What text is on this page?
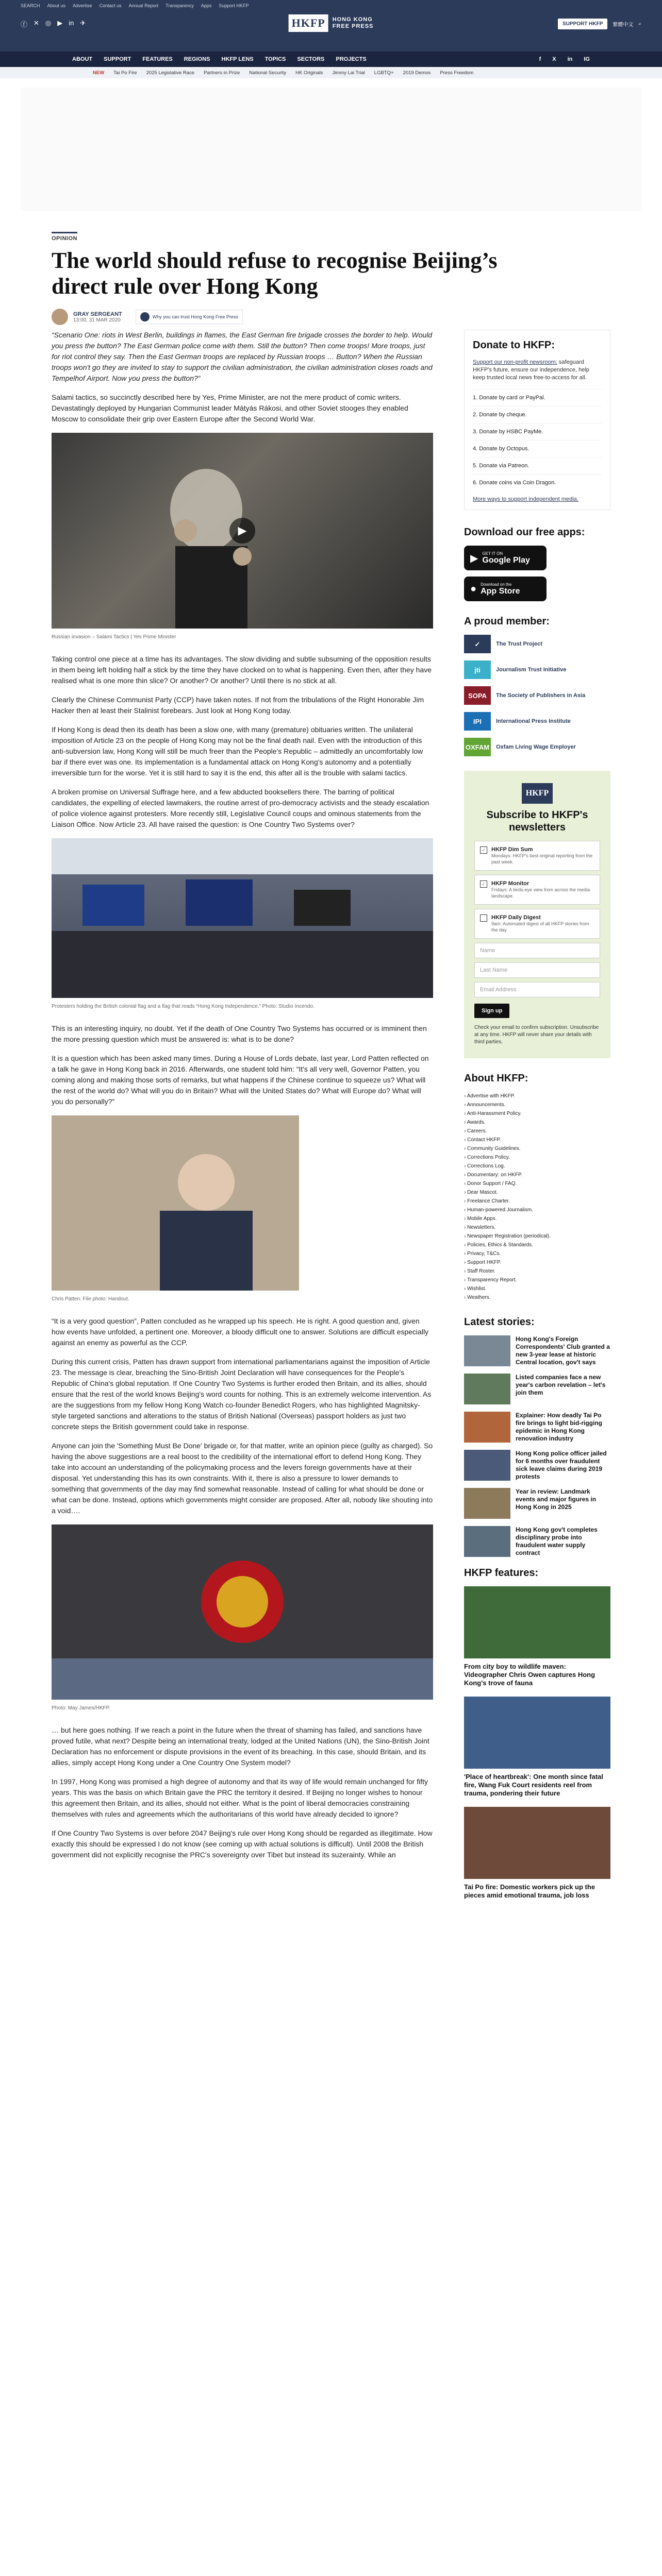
SEARCH About us Advertise Contact us Annual Report Transparency Apps Support HKFP
ⓕ ✕ ◎ ▶ in ✈	HKFP	HONG KONG
FREE PRESS	SUPPORT HKFP	繁體中文 ⌕
ABOUT SUPPORT FEATURES REGIONS HKFP LENS TOPICS SECTORS PROJECTS	f X in IG
NEW Tai Po Fire 2025 Legislative Race Partners in Prize National Security HK Originals Jimmy Lai Trial LGBTQ+ 2019 Demos Press Freedom
OPINION
The world should refuse to recognise Beijing’s direct rule over Hong Kong
GRAY SERGEANT
13:00, 31 MAR 2020
Why you can trust Hong Kong Free Press

“Scenario One: riots in West Berlin, buildings in flames, the East German fire brigade crosses the border to help. Would you press the button? The East German police come with them. Still the button? Then come troops! More troops, just for riot control they say. Then the East German troops are replaced by Russian troops … Button? When the Russian troops won't go they are invited to stay to support the civilian administration, the civilian administration closes roads and Tempelhof Airport. Now you press the button?”

Salami tactics, so succinctly described here by Yes, Prime Minister, are not the mere product of comic writers. Devastatingly deployed by Hungarian Communist leader Mátyás Rákosi, and other Soviet stooges they enabled Moscow to consolidate their grip over Eastern Europe after the Second World War.

▶
Russian invasion – Salami Tactics | Yes Prime Minister

Taking control one piece at a time has its advantages. The slow dividing and subtle subsuming of the opposition results in them being left holding half a stick by the time they have clocked on to what is happening. Even then, after they have realised what is one more thin slice? Or another? Or another? Until there is no stick at all.

Clearly the Chinese Communist Party (CCP) have taken notes. If not from the tribulations of the Right Honorable Jim Hacker then at least their Stalinist forebears. Just look at Hong Kong today.

If Hong Kong is dead then its death has been a slow one, with many (premature) obituaries written. The unilateral imposition of Article 23 on the people of Hong Kong may not be the final death nail. Even with the introduction of this anti-subversion law, Hong Kong will still be much freer than the People's Republic – admittedly an uncomfortably low bar if there ever was one. Its implementation is a fundamental attack on Hong Kong's autonomy and a potentially irreversible turn for the worse. Yet it is still hard to say it is the end, this after all is the trouble with salami tactics.

A broken promise on Universal Suffrage here, and a few abducted booksellers there. The barring of political candidates, the expelling of elected lawmakers, the routine arrest of pro-democracy activists and the steady escalation of police violence against protesters. More recently still, Legislative Council coups and ominous statements from the Liaison Office. Now Article 23. All have raised the question: is One Country Two Systems over?

Protesters holding the British colonial flag and a flag that reads “Hong Kong Independence.” Photo: Studio Incendo.

This is an interesting inquiry, no doubt. Yet if the death of One Country Two Systems has occurred or is imminent then the more pressing question which must be answered is: what is to be done?

It is a question which has been asked many times. During a House of Lords debate, last year, Lord Patten reflected on a talk he gave in Hong Kong back in 2016. Afterwards, one student told him: “It's all very well, Governor Patten, you coming along and making those sorts of remarks, but what happens if the Chinese continue to squeeze us? What will the rest of the world do? What will you do in Britain? What will the United States do? What will Europe do? What will you do personally?”

Chris Patten. File photo: Handout.

“It is a very good question”, Patten concluded as he wrapped up his speech. He is right. A good question and, given how events have unfolded, a pertinent one. Moreover, a bloody difficult one to answer. Solutions are difficult especially against an enemy as powerful as the CCP.

During this current crisis, Patten has drawn support from international parliamentarians against the imposition of Article 23. The message is clear, breaching the Sino-British Joint Declaration will have consequences for the People's Republic of China's global reputation. If One Country Two Systems is further eroded then Britain, and its allies, should ensure that the rest of the world knows Beijing's word counts for nothing. This is an extremely welcome intervention. As are the suggestions from my fellow Hong Kong Watch co-founder Benedict Rogers, who has highlighted Magnitsky-style targeted sanctions and alterations to the status of British National (Overseas) passport holders as just two concrete steps the British government could take in response.

Anyone can join the 'Something Must Be Done' brigade or, for that matter, write an opinion piece (guilty as charged). So having the above suggestions are a real boost to the credibility of the international effort to defend Hong Kong. They take into account an understanding of the policymaking process and the levers foreign governments have at their disposal. Yet understanding this has its own constraints. With it, there is also a pressure to lower demands to something that governments of the day may find somewhat reasonable. Instead of calling for what should be done or what can be done. Instead, options which governments might consider are proposed. After all, nobody like shouting into a void….

Photo: May James/HKFP.

… but here goes nothing. If we reach a point in the future when the threat of shaming has failed, and sanctions have proved futile, what next? Despite being an international treaty, lodged at the United Nations (UN), the Sino-British Joint Declaration has no enforcement or dispute provisions in the event of its breaching. In this case, should Britain, and its allies, simply accept Hong Kong under a One Country One System model?

In 1997, Hong Kong was promised a high degree of autonomy and that its way of life would remain unchanged for fifty years. This was the basis on which Britain gave the PRC the territory it desired. If Beijing no longer wishes to honour this agreement then Britain, and its allies, should not either. What is the point of liberal democracies constraining themselves with rules and agreements which the authoritarians of this world have already decided to ignore?

If One Country Two Systems is over before 2047 Beijing's rule over Hong Kong should be regarded as illegitimate. How exactly this should be expressed I do not know (see coming up with actual solutions is difficult). Until 2008 the British government did not explicitly recognise the PRC's sovereignty over Tibet but instead its suzerainty. While an

Donate to HKFP:
Support our non-profit newsroom: safeguard HKFP's future, ensure our independence, help keep trusted local news free-to-access for all.
1. Donate by card or PayPal.
2. Donate by cheque.
3. Donate by HSBC PayMe.
4. Donate by Octopus.
5. Donate via Patreon.
6. Donate coins via Coin Dragon.
More ways to support independent media.
Download our free apps:
▶ GET IT ON
Google Play
● Download on the
App Store
A proud member:
✓	The Trust Project
jti	Journalism Trust Initiative
SOPA	The Society of Publishers in Asia
IPI	International Press Institute
OXFAM Oxfam Living Wage Employer
HKFP
Subscribe to HKFP's newsletters
✓ HKFP Dim Sum
Mondays: HKFP's best original reporting from the past week.
✓ HKFP Monitor
Fridays: A birds-eye view from across the media landscape.
HKFP Daily Digest
9am: Automated digest of all HKFP stories from the day.
Name
Last Name
Email Address
Sign up
Check your email to confirm subscription. Unsubscribe at any time. HKFP will never share your details with third parties.
About HKFP:
› Advertise with HKFP.
› Announcements.
› Anti-Harassment Policy.
› Awards.
› Careers.
› Contact HKFP.
› Community Guidelines.
› Corrections Policy.
› Corrections Log.
› Documentary: on HKFP.
› Donor Support / FAQ.
› Dear Mascot.
› Freelance Charter.
› Human-powered Journalism.
› Mobile Apps.
› Newsletters.
› Newspaper Registration (periodical).
› Policies, Ethics & Standards.
› Privacy, T&Cs.
› Support HKFP.
› Staff Roster.
› Transparency Report.
› Wishlist.
› Weathers.
Latest stories:
Hong Kong's Foreign Correspondents' Club granted a new 3-year lease at historic Central location, gov't says
Listed companies face a new year's carbon revelation – let's join them
Explainer: How deadly Tai Po fire brings to light bid-rigging epidemic in Hong Kong renovation industry
Hong Kong police officer jailed for 6 months over fraudulent sick leave claims during 2019 protests
Year in review: Landmark events and major figures in Hong Kong in 2025
Hong Kong gov't completes disciplinary probe into fraudulent water supply contract
HKFP features:
From city boy to wildlife maven: Videographer Chris Owen captures Hong Kong's trove of fauna
'Place of heartbreak': One month since fatal fire, Wang Fuk Court residents reel from trauma, pondering their future
Tai Po fire: Domestic workers pick up the pieces amid emotional trauma, job loss
